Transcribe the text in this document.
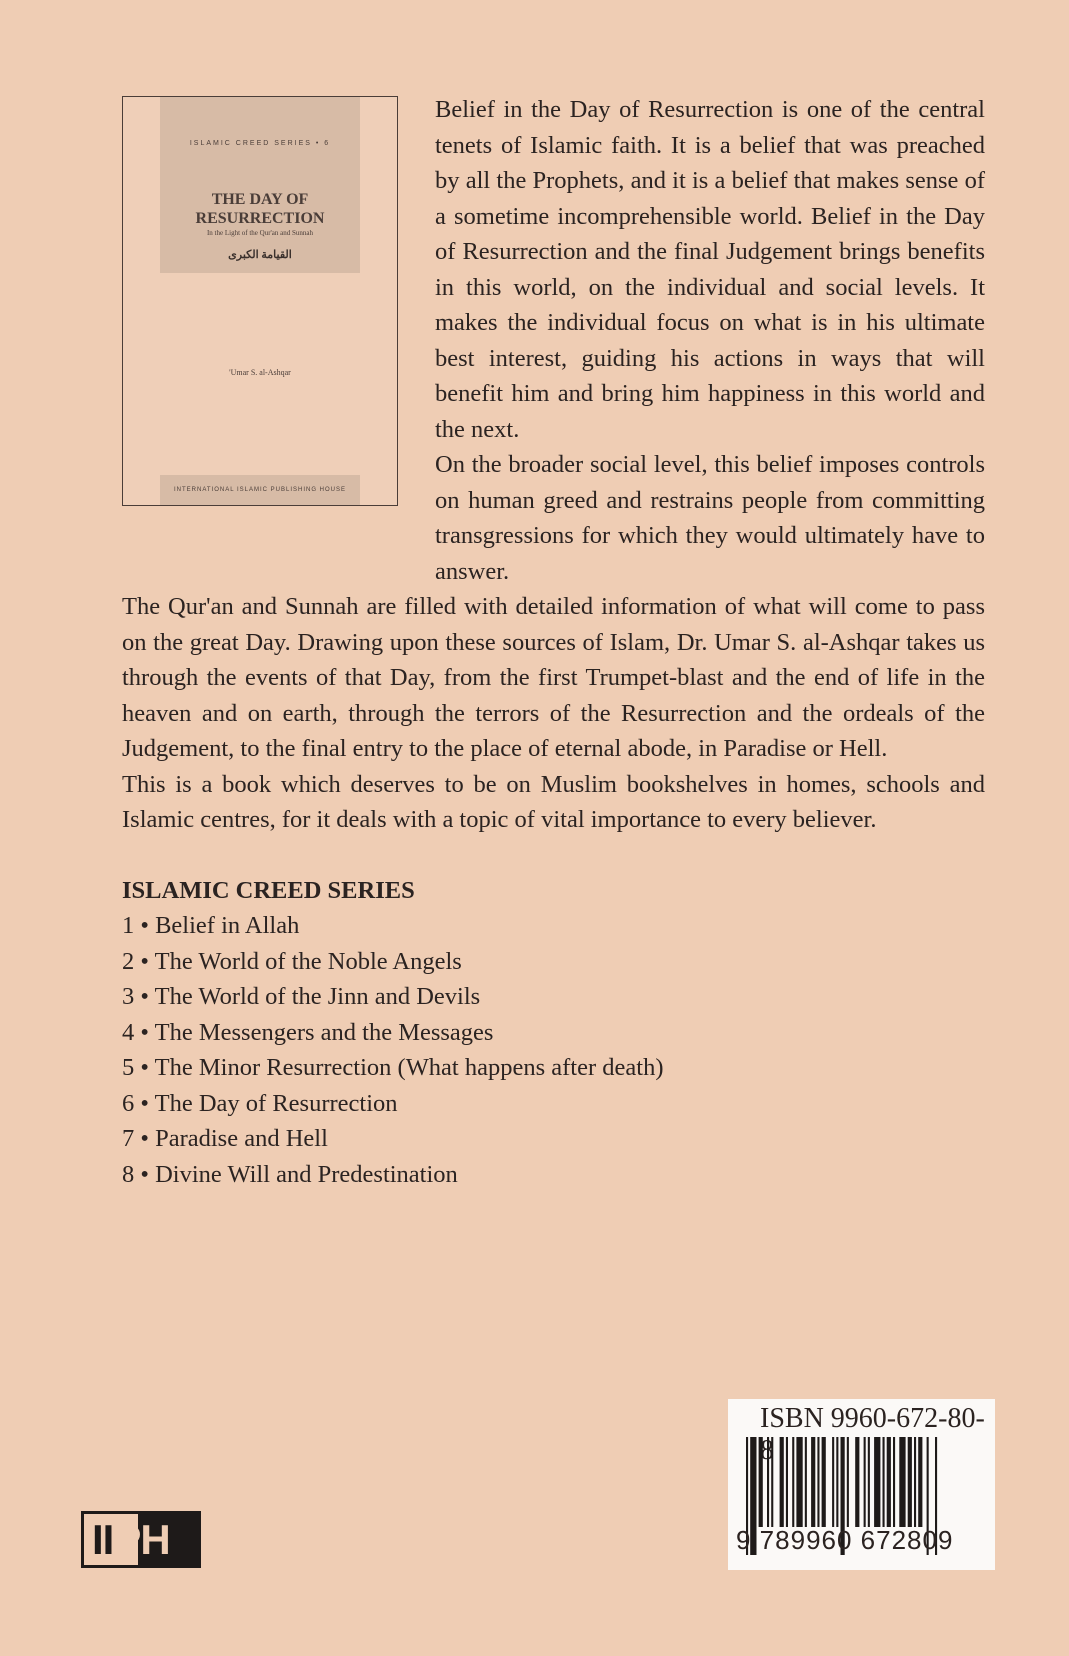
ISLAMIC CREED SERIES • 6
THE DAY OF RESURRECTION
In the Light of the Qur'an and Sunnah
القيامة الكبرى
'Umar S. al-Ashqar
INTERNATIONAL ISLAMIC PUBLISHING HOUSE

Belief in the Day of Resurrection is one of the central tenets of Islamic faith. It is a belief that was preached by all the Prophets, and it is a belief that makes sense of a sometime incomprehensible world. Belief in the Day of Resurrection and the final Judgement brings benefits in this world, on the individual and social levels. It makes the individual focus on what is in his ultimate best interest, guiding his actions in ways that will benefit him and bring him happiness in this world and the next.

On the broader social level, this belief imposes controls on human greed and restrains people from committing transgressions for which they would ultimately have to answer.

The Qur'an and Sunnah are filled with detailed information of what will come to pass on the great Day. Drawing upon these sources of Islam, Dr. Umar S. al-Ashqar takes us through the events of that Day, from the first Trumpet-blast and the end of life in the heaven and on earth, through the terrors of the Resurrection and the ordeals of the Judgement, to the final entry to the place of eternal abode, in Paradise or Hell.

This is a book which deserves to be on Muslim bookshelves in homes, schools and Islamic centres, for it deals with a topic of vital importance to every believer.

ISLAMIC CREED SERIES
1 • Belief in Allah
2 • The World of the Noble Angels
3 • The World of the Jinn and Devils
4 • The Messengers and the Messages
5 • The Minor Resurrection (What happens after death)
6 • The Day of Resurrection
7 • Paradise and Hell
8 • Divine Will and Predestination
IIPH
ISBN 9960-672-80-
9 789960 672809
